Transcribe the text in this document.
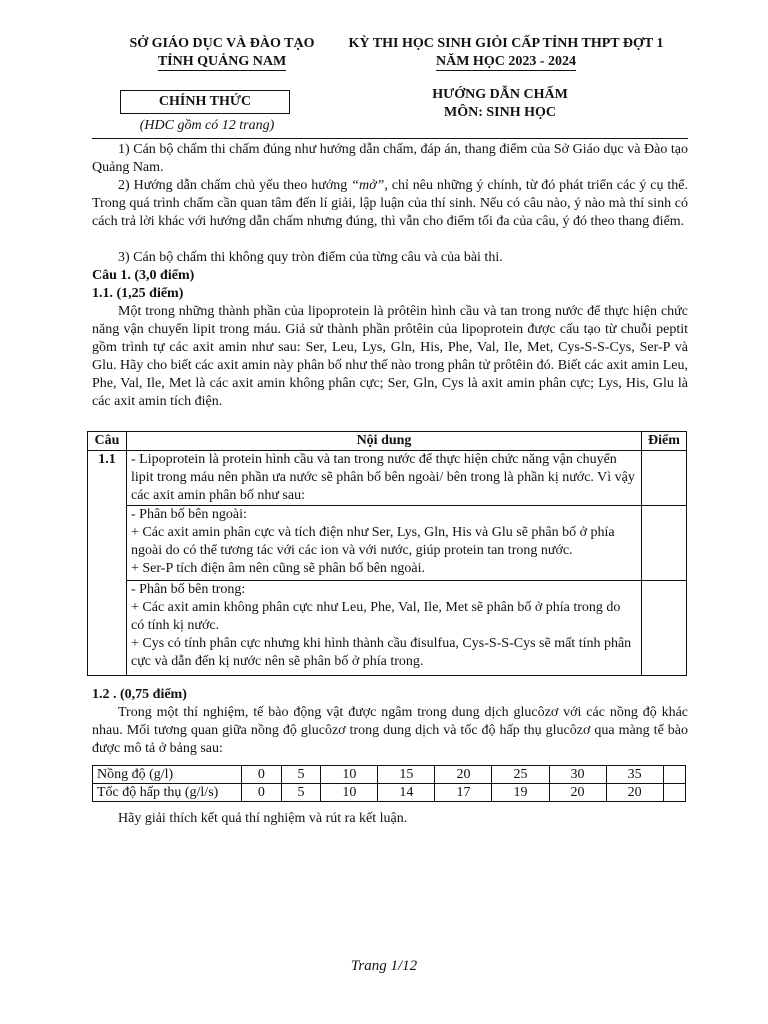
SỞ GIÁO DỤC VÀ ĐÀO TẠO
TỈNH QUẢNG NAM
KỲ THI HỌC SINH GIỎI CẤP TỈNH THPT ĐỢT 1
NĂM HỌC 2023 - 2024
CHÍNH THỨC
(HDC gồm có 12 trang)
HƯỚNG DẪN CHẤM
MÔN: SINH HỌC
1) Cán bộ chấm thi chấm đúng như hướng dẫn chấm, đáp án, thang điểm của Sở Giáo dục và Đào tạo Quảng Nam.
2) Hướng dẫn chấm chủ yếu theo hướng “mở”, chỉ nêu những ý chính, từ đó phát triển các ý cụ thể. Trong quá trình chấm cần quan tâm đến lí giải, lập luận của thí sinh. Nếu có câu nào, ý nào mà thí sinh có cách trả lời khác với hướng dẫn chấm nhưng đúng, thì vẫn cho điểm tối đa của câu, ý đó theo thang điểm.
3) Cán bộ chấm thi không quy tròn điểm của từng câu và của bài thi.
Câu 1. (3,0 điểm)
1.1. (1,25 điểm)
Một trong những thành phần của lipoprotein là prôtêin hình cầu và tan trong nước để thực hiện chức năng vận chuyển lipit trong máu. Giả sử thành phần prôtêin của lipoprotein được cấu tạo từ chuỗi peptit gồm trình tự các axit amin như sau: Ser, Leu, Lys, Gln, His, Phe, Val, Ile, Met, Cys-S-S-Cys, Ser-P và Glu. Hãy cho biết các axit amin này phân bố như thế nào trong phân tử prôtêin đó. Biết các axit amin Leu, Phe, Val, Ile, Met là các axit amin không phân cực; Ser, Gln, Cys là axit amin phân cực; Lys, His, Glu là các axit amin tích điện.
Câu	Nội dung	Điểm
1.1	- Lipoprotein là protein hình cầu và tan trong nước để thực hiện chức năng vận chuyển lipit trong máu nên phần ưa nước sẽ phân bố bên ngoài/ bên trong là phần kị nước. Vì vậy các axit amin phân bố như sau:	

	- Phân bố bên ngoài:
+ Các axit amin phân cực và tích điện như Ser, Lys, Gln, His và Glu sẽ phân bố ở phía ngoài do có thể tương tác với các ion và với nước, giúp protein tan trong nước.
+ Ser-P tích điện âm nên cũng sẽ phân bố bên ngoài.	

	- Phân bố bên trong:
+ Các axit amin không phân cực như Leu, Phe, Val, Ile, Met sẽ phân bố ở phía trong do có tính kị nước.
+ Cys có tính phân cực nhưng khi hình thành cầu đisulfua, Cys-S-S-Cys sẽ mất tính phân cực và dẫn đến kị nước nên sẽ phân bố ở phía trong.	

1.2 . (0,75 điểm)
Trong một thí nghiệm, tế bào động vật được ngâm trong dung dịch glucôzơ với các nồng độ khác nhau. Mối tương quan giữa nồng độ glucôzơ trong dung dịch và tốc độ hấp thụ glucôzơ qua màng tế bào được mô tả ở bảng sau:
Nồng độ (g/l)	0	5	10	15	20	25	30	35	
Tốc độ hấp thụ (g/l/s)	0	5	10	14	17	19	20	20	
Hãy giải thích kết quả thí nghiệm và rút ra kết luận.
Trang 1/12
